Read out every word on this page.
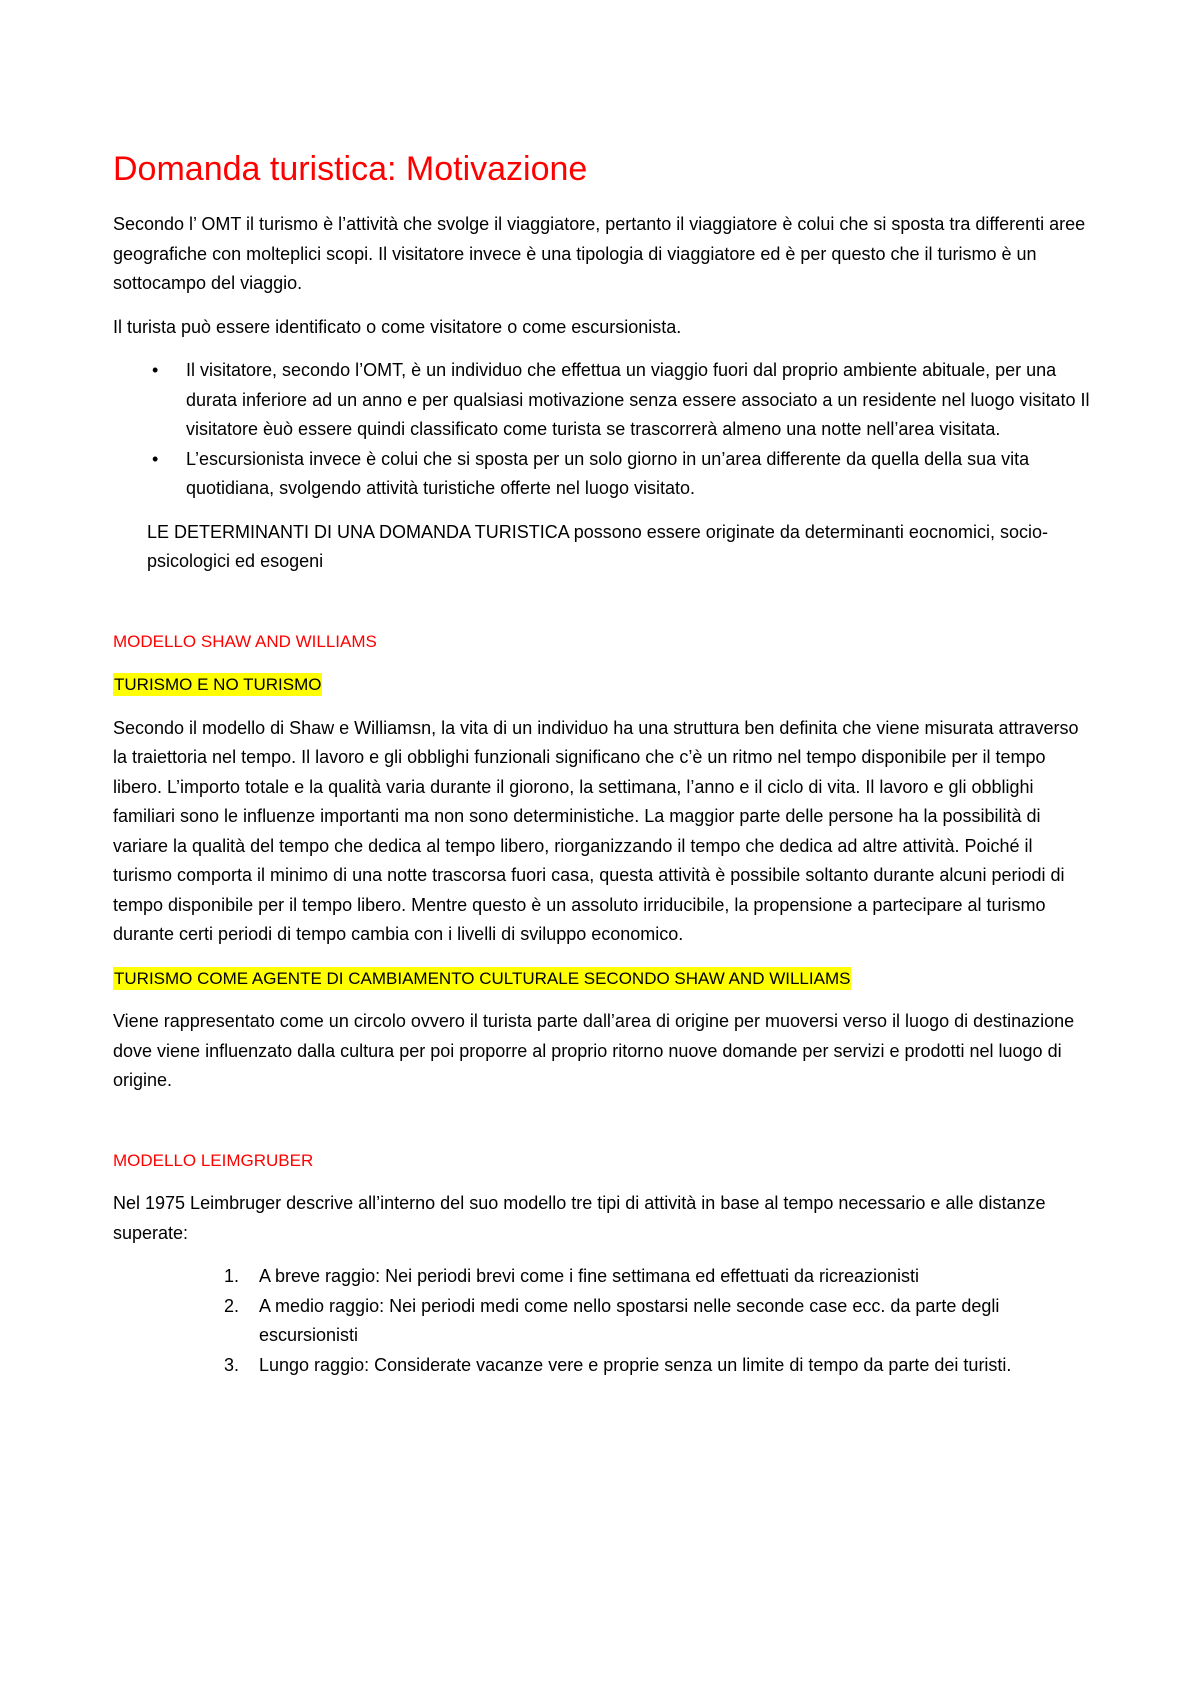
Domanda turistica: Motivazione

Secondo l’ OMT il turismo è l’attività che svolge il viaggiatore, pertanto il viaggiatore è colui che si sposta tra differenti aree geografiche con molteplici scopi. Il visitatore invece è una tipologia di viaggiatore ed è per questo che il turismo è un sottocampo del viaggio.

Il turista può essere identificato o come visitatore o come escursionista.

• Il visitatore, secondo l’OMT, è un individuo che effettua un viaggio fuori dal proprio ambiente abituale, per una durata inferiore ad un anno e per qualsiasi motivazione senza essere associato a un residente nel luogo visitato Il visitatore èuò essere quindi classificato come turista se trascorrerà almeno una notte nell’area visitata.
• L’escursionista invece è colui che si sposta per un solo giorno in un’area differente da quella della sua vita quotidiana, svolgendo attività turistiche offerte nel luogo visitato.

LE DETERMINANTI DI UNA DOMANDA TURISTICA possono essere originate da determinanti eocnomici, socio-psicologici ed esogeni

MODELLO SHAW AND WILLIAMS
TURISMO E NO TURISMO

Secondo il modello di Shaw e Williamsn, la vita di un individuo ha una struttura ben definita che viene misurata attraverso la traiettoria nel tempo. Il lavoro e gli obblighi funzionali significano che c’è un ritmo nel tempo disponibile per il tempo libero. L’importo totale e la qualità varia durante il giorono, la settimana, l’anno e il ciclo di vita. Il lavoro e gli obblighi familiari sono le influenze importanti ma non sono deterministiche. La maggior parte delle persone ha la possibilità di variare la qualità del tempo che dedica al tempo libero, riorganizzando il tempo che dedica ad altre attività. Poiché il turismo comporta il minimo di una notte trascorsa fuori casa, questa attività è possibile soltanto durante alcuni periodi di tempo disponibile per il tempo libero. Mentre questo è un assoluto irriducibile, la propensione a partecipare al turismo durante certi periodi di tempo cambia con i livelli di sviluppo economico.

TURISMO COME AGENTE DI CAMBIAMENTO CULTURALE SECONDO SHAW AND WILLIAMS

Viene rappresentato come un circolo ovvero il turista parte dall’area di origine per muoversi verso il luogo di destinazione dove viene influenzato dalla cultura per poi proporre al proprio ritorno nuove domande per servizi e prodotti nel luogo di origine.

MODELLO LEIMGRUBER

Nel 1975 Leimbruger descrive all’interno del suo modello tre tipi di attività in base al tempo necessario e alle distanze superate:

1. A breve raggio: Nei periodi brevi come i fine settimana ed effettuati da ricreazionisti
2. A medio raggio: Nei periodi medi come nello spostarsi nelle seconde case ecc. da parte degli escursionisti
3. Lungo raggio: Considerate vacanze vere e proprie senza un limite di tempo da parte dei turisti.
